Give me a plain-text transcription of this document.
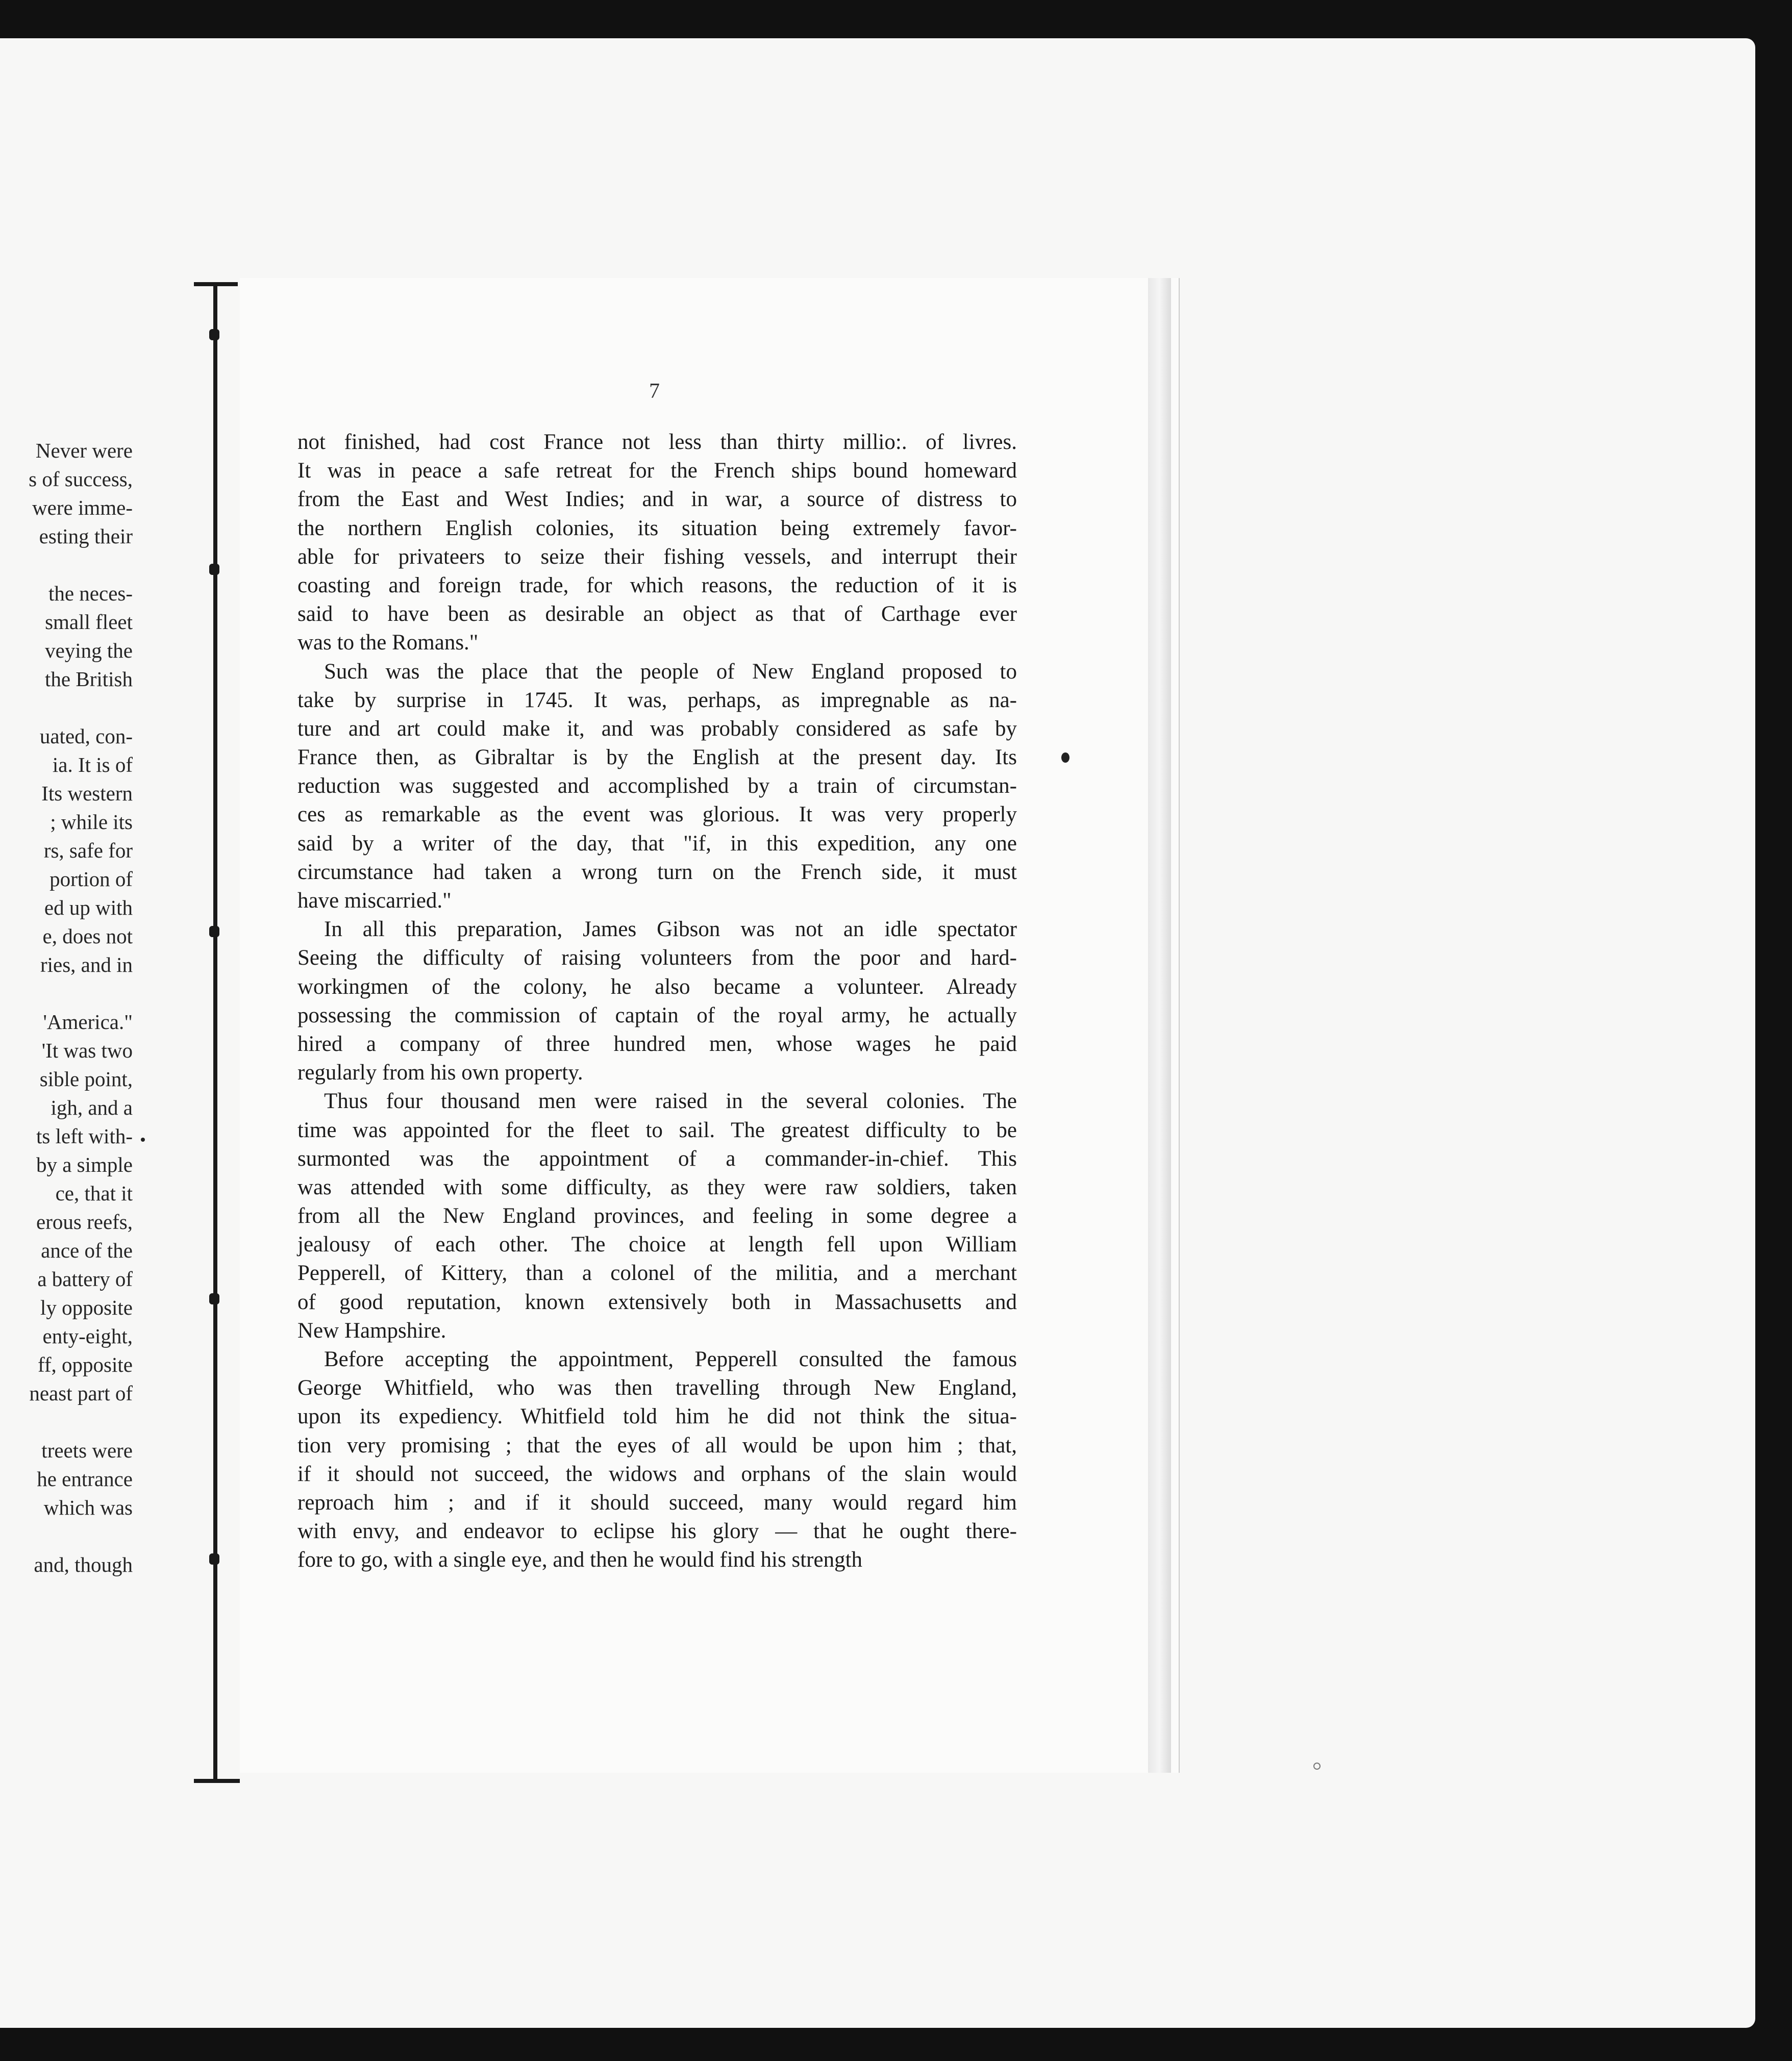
Never were
s of success,
were imme-
esting their
the neces-
small fleet
veying the
the British
uated, con-
ia. It is of
Its western
; while its
rs, safe for
portion of
ed up with
e, does not
ries, and in
'America."
'It was two
sible point,
igh, and a
ts left with-
by a simple
ce, that it
erous reefs,
ance of the
a battery of
ly opposite
enty-eight,
ff, opposite
neast part of
treets were
he entrance
which was
and, though
7
not finished, had cost France not less than thirty millio:. of livres.
It was in peace a safe retreat for the French ships bound homeward
from the East and West Indies; and in war, a source of distress to
the northern English colonies, its situation being extremely favor-
able for privateers to seize their fishing vessels, and interrupt their
coasting and foreign trade, for which reasons, the reduction of it is
said to have been as desirable an object as that of Carthage ever
was to the Romans."
Such was the place that the people of New England proposed to
take by surprise in 1745. It was, perhaps, as impregnable as na-
ture and art could make it, and was probably considered as safe by
France then, as Gibraltar is by the English at the present day. Its
reduction was suggested and accomplished by a train of circumstan-
ces as remarkable as the event was glorious. It was very properly
said by a writer of the day, that "if, in this expedition, any one
circumstance had taken a wrong turn on the French side, it must
have miscarried."
In all this preparation, James Gibson was not an idle spectator
Seeing the difficulty of raising volunteers from the poor and hard-
workingmen of the colony, he also became a volunteer. Already
possessing the commission of captain of the royal army, he actually
hired a company of three hundred men, whose wages he paid
regularly from his own property.
Thus four thousand men were raised in the several colonies. The
time was appointed for the fleet to sail. The greatest difficulty to be
surmonted was the appointment of a commander-in-chief. This
was attended with some difficulty, as they were raw soldiers, taken
from all the New England provinces, and feeling in some degree a
jealousy of each other. The choice at length fell upon William
Pepperell, of Kittery, than a colonel of the militia, and a merchant
of good reputation, known extensively both in Massachusetts and
New Hampshire.
Before accepting the appointment, Pepperell consulted the famous
George Whitfield, who was then travelling through New England,
upon its expediency. Whitfield told him he did not think the situa-
tion very promising ; that the eyes of all would be upon him ; that,
if it should not succeed, the widows and orphans of the slain would
reproach him ; and if it should succeed, many would regard him
with envy, and endeavor to eclipse his glory — that he ought there-
fore to go, with a single eye, and then he would find his strength
